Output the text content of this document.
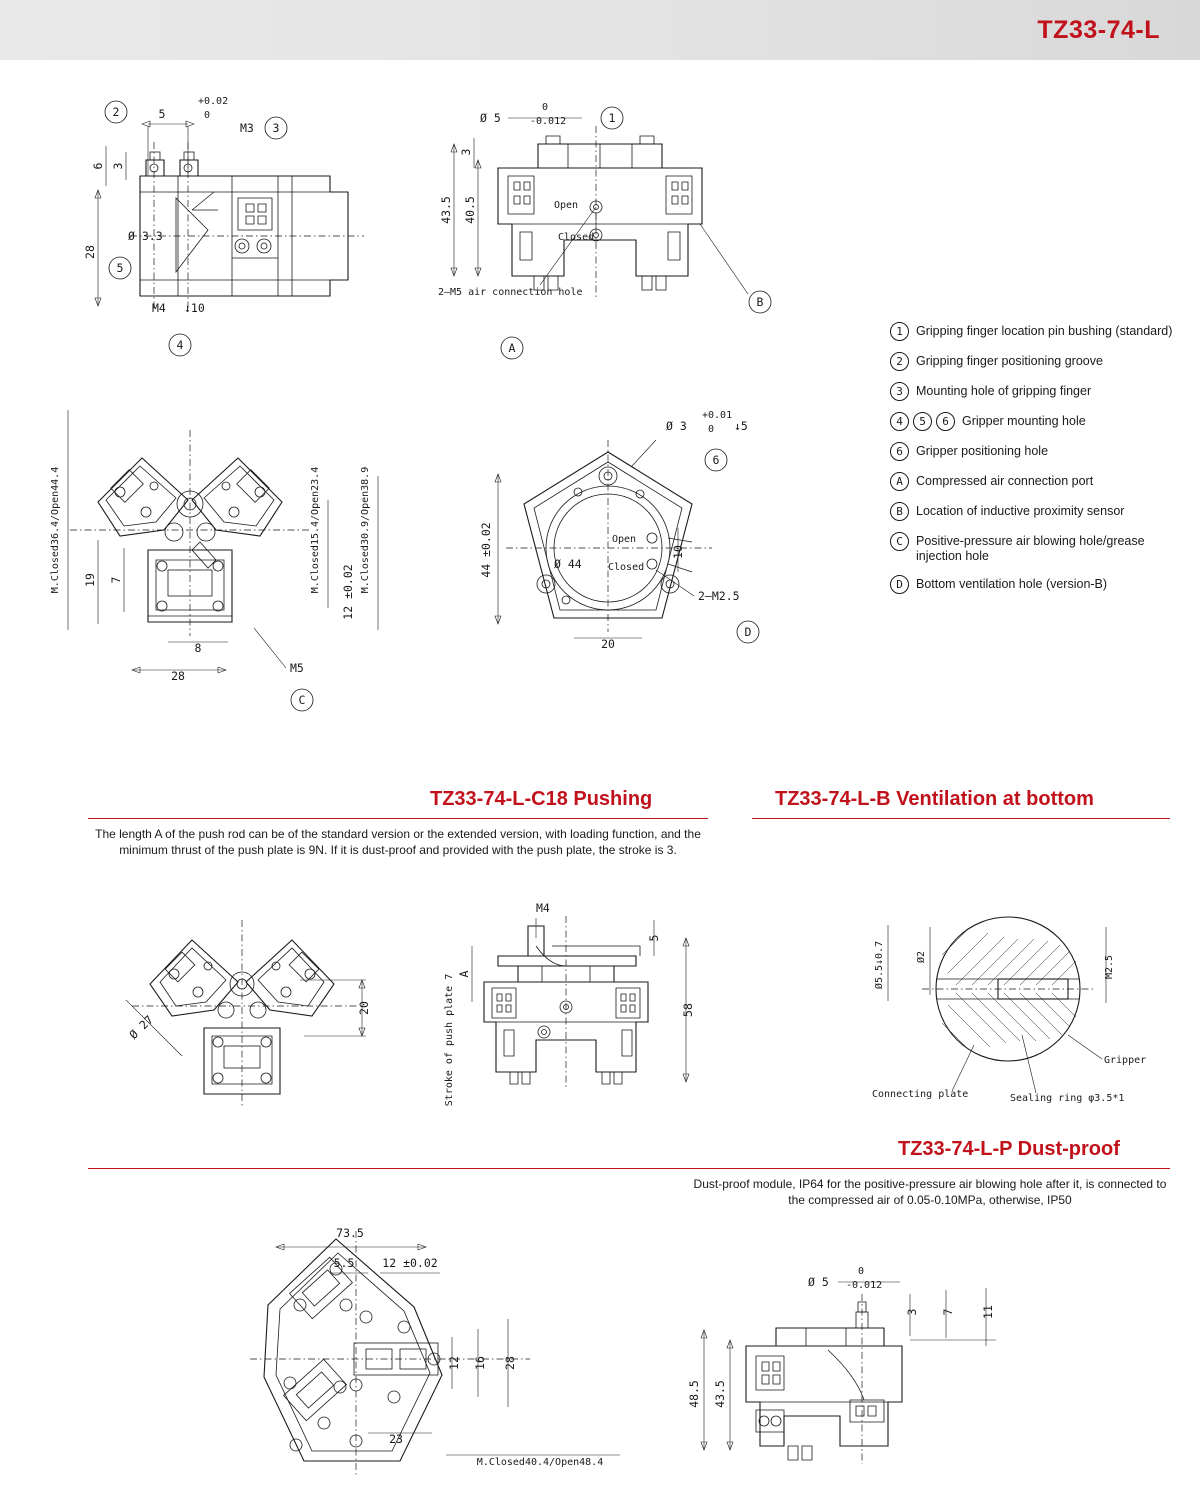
TZ33-74-L
2
3
5
4
5
+0.02
0
M3
6 3
28
Ø 3.3
M4 ↓10
1
B
A
Ø 5
0
-0.012
3
43.5 40.5	Open
Closed
2—M5 air connection hole
C
M.Closed36.4/Open44.4	M.Closed15.4/Open23.4	M.Closed30.9/Open38.9
19 7
8
28
12 ±0.02
M5
6
D
Ø 3
+0.01
0 ↓5
44 ±0.02	Ø 44
10
20
2—M2.5
Open
Closed
1	Gripping finger location pin bushing (standard)
2	Gripping finger positioning groove
3	Mounting hole of gripping finger
4	5	6	Gripper mounting hole
6	Gripper positioning hole
A	Compressed air connection port
B	Location of inductive proximity sensor
C	Positive-pressure air blowing hole/grease injection hole
D	Bottom ventilation hole (version-B)
TZ33-74-L-C18 Pushing
The length A of the push rod can be of the standard version or the extended version, with loading function, and the minimum thrust of the push plate is 9N. If it is dust-proof and provided with the push plate, the stroke is 3.
TZ33-74-L-B Ventilation at bottom
TZ33-74-L-P Dust-proof
Dust-proof module, IP64 for the positive-pressure air blowing hole after it, is connected to the compressed air of 0.05-0.10MPa, otherwise, IP50
20
Ø 27
M4
5
58
A
Stroke of push plate 7
Ø5.5↓0.7	Ø2	M2.5
Gripper
Connecting plate	Sealing ring φ3.5*1
73.5
5.5 12 ±0.02
12 16 28
23
M.Closed40.4/Open48.4
Ø 5
0
-0.012
3 7 11
48.5 43.5
